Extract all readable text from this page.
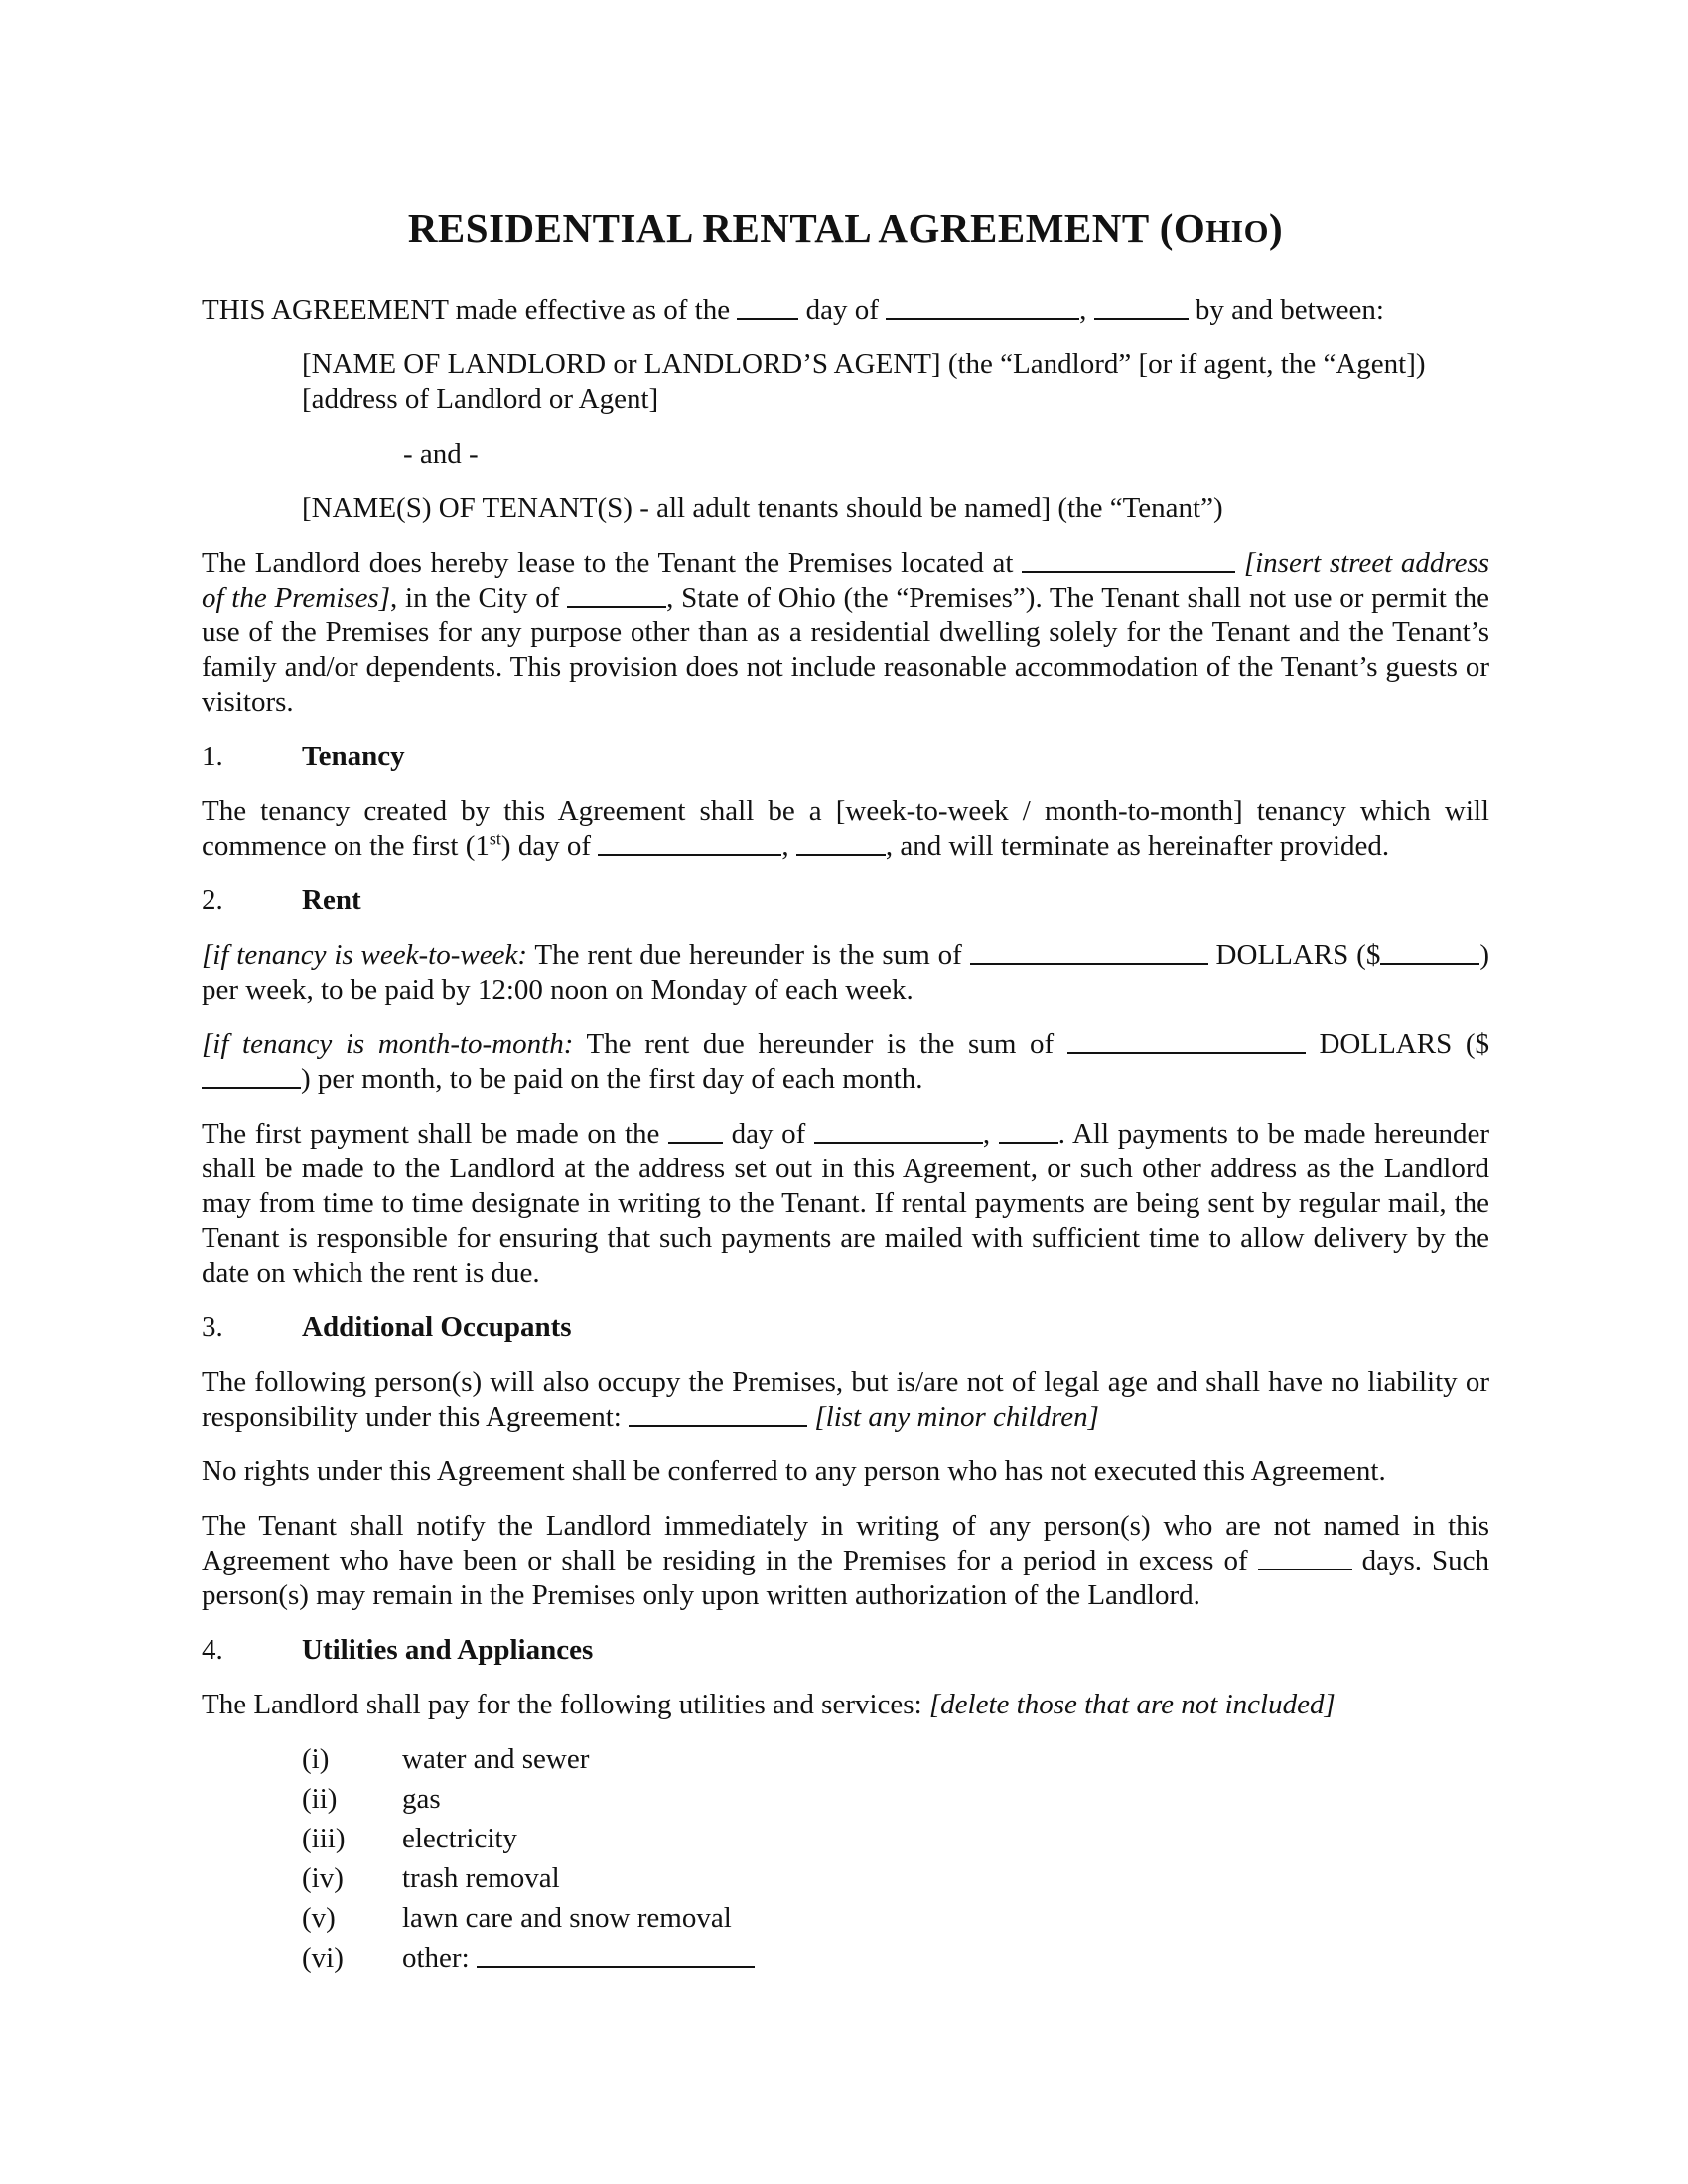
RESIDENTIAL RENTAL AGREEMENT (OHIO)

THIS AGREEMENT made effective as of the  day of	,	by and between:

[NAME OF LANDLORD or LANDLORD’S AGENT] (the “Landlord” [or if agent, the “Agent])

[address of Landlord or Agent]

- and -

[NAME(S) OF TENANT(S) - all adult tenants should be named] (the “Tenant”)

The Landlord does hereby lease to the Tenant the Premises located at	[insert street address of the Premises], in the City of	, State of Ohio (the “Premises”). The Tenant shall not use or permit the use of the Premises for any purpose other than as a residential dwelling solely for the Tenant and the Tenant’s family and/or dependents. This provision does not include reasonable accommodation of the Tenant’s guests or visitors.

1.	Tenancy

The tenancy created by this Agreement shall be a [week-to-week / month-to-month] tenancy which will commence on the first (1st) day of	,	, and will terminate as hereinafter provided.

2.	Rent

[if tenancy is week-to-week: The rent due hereunder is the sum of	DOLLARS ($	) per week, to be paid by 12:00 noon on Monday of each week.

[if tenancy is month-to-month: The rent due hereunder is the sum of	DOLLARS ($) per month, to be paid on the first day of each month.

The first payment shall be made on the  day of	, . All payments to be made hereunder shall be made to the Landlord at the address set out in this Agreement, or such other address as the Landlord may from time to time designate in writing to the Tenant. If rental payments are being sent by regular mail, the Tenant is responsible for ensuring that such payments are mailed with sufficient time to allow delivery by the date on which the rent is due.

3.	Additional Occupants

The following person(s) will also occupy the Premises, but is/are not of legal age and shall have no liability or responsibility under this Agreement:	[list any minor children]

No rights under this Agreement shall be conferred to any person who has not executed this Agreement.

The Tenant shall notify the Landlord immediately in writing of any person(s) who are not named in this Agreement who have been or shall be residing in the Premises for a period in excess of	days. Such person(s) may remain in the Premises only upon written authorization of the Landlord.

4.	Utilities and Appliances

The Landlord shall pay for the following utilities and services: [delete those that are not included]

(i)	water and sewer
(ii) gas
(iii) electricity
(iv) trash removal
(v) lawn care and snow removal
(vi) other:
